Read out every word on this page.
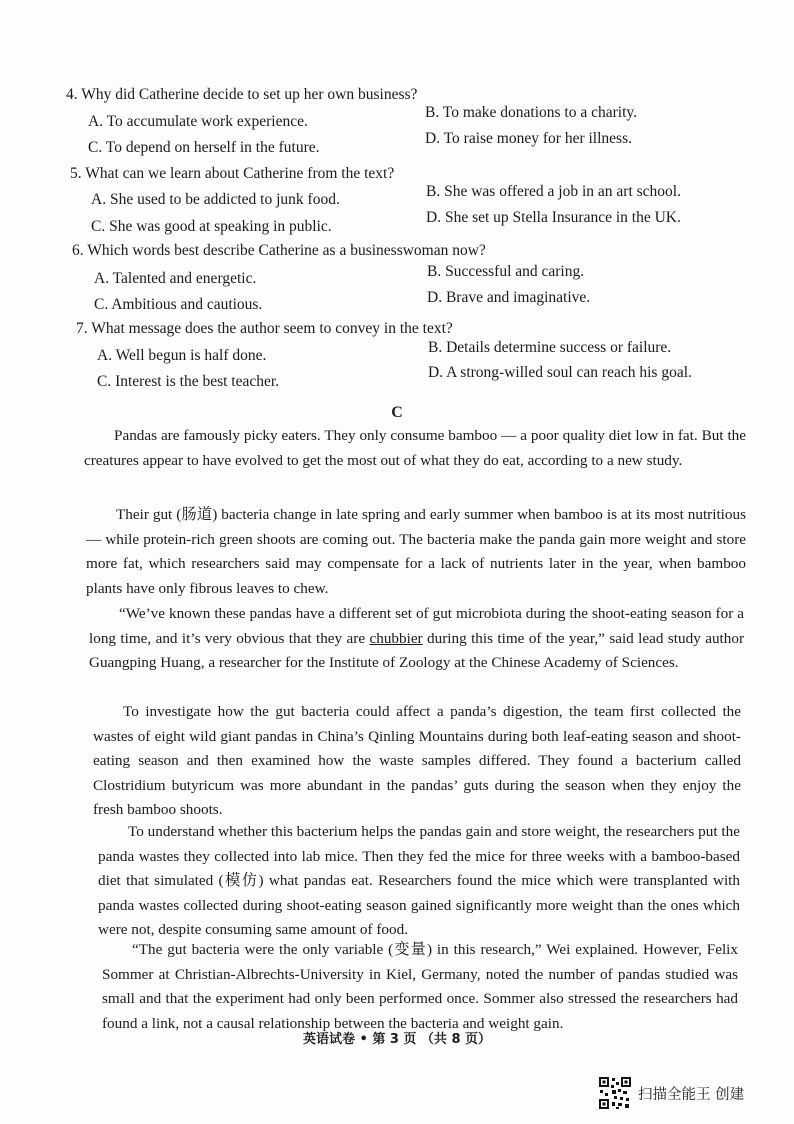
4. Why did Catherine decide to set up her own business?
A. To accumulate work experience.
B. To make donations to a charity.
C. To depend on herself in the future.
D. To raise money for her illness.
5. What can we learn about Catherine from the text?
A. She used to be addicted to junk food.	B. She was offered a job in an art school.
C. She was good at speaking in public.
D. She set up Stella Insurance in the UK.
6. Which words best describe Catherine as a businesswoman now?
A. Talented and energetic.	B. Successful and caring.
C. Ambitious and cautious.	D. Brave and imaginative.
7. What message does the author seem to convey in the text?
A. Well begun is half done.	B. Details determine success or failure.
C. Interest is the best teacher.
D. A strong-willed soul can reach his goal.
C
Pandas are famously picky eaters. They only consume bamboo — a poor quality diet low in fat. But the creatures appear to have evolved to get the most out of what they do eat, according to a new study.
Their gut (肠道) bacteria change in late spring and early summer when bamboo is at its most nutritious — while protein-rich green shoots are coming out. The bacteria make the panda gain more weight and store more fat, which researchers said may compensate for a lack of nutrients later in the year, when bamboo plants have only fibrous leaves to chew.
“We’ve known these pandas have a different set of gut microbiota during the shoot-eating season for a long time, and it’s very obvious that they are chubbier during this time of the year,” said lead study author Guangping Huang, a researcher for the Institute of Zoology at the Chinese Academy of Sciences.
To investigate how the gut bacteria could affect a panda’s digestion, the team first collected the wastes of eight wild giant pandas in China’s Qinling Mountains during both leaf-eating season and shoot-eating season and then examined how the waste samples differed. They found a bacterium called Clostridium butyricum was more abundant in the pandas’ guts during the season when they enjoy the fresh bamboo shoots.
To understand whether this bacterium helps the pandas gain and store weight, the researchers put the panda wastes they collected into lab mice. Then they fed the mice for three weeks with a bamboo-based diet that simulated (模仿) what pandas eat. Researchers found the mice which were transplanted with panda wastes collected during shoot-eating season gained significantly more weight than the ones which were not, despite consuming same amount of food.
“The gut bacteria were the only variable (变量) in this research,” Wei explained. However, Felix Sommer at Christian-Albrechts-University in Kiel, Germany, noted the number of pandas studied was small and that the experiment had only been performed once. Sommer also stressed the researchers had found a link, not a causal relationship between the bacteria and weight gain.
英语试卷 • 第 3 页 （共 8 页）
扫描全能王 创建
